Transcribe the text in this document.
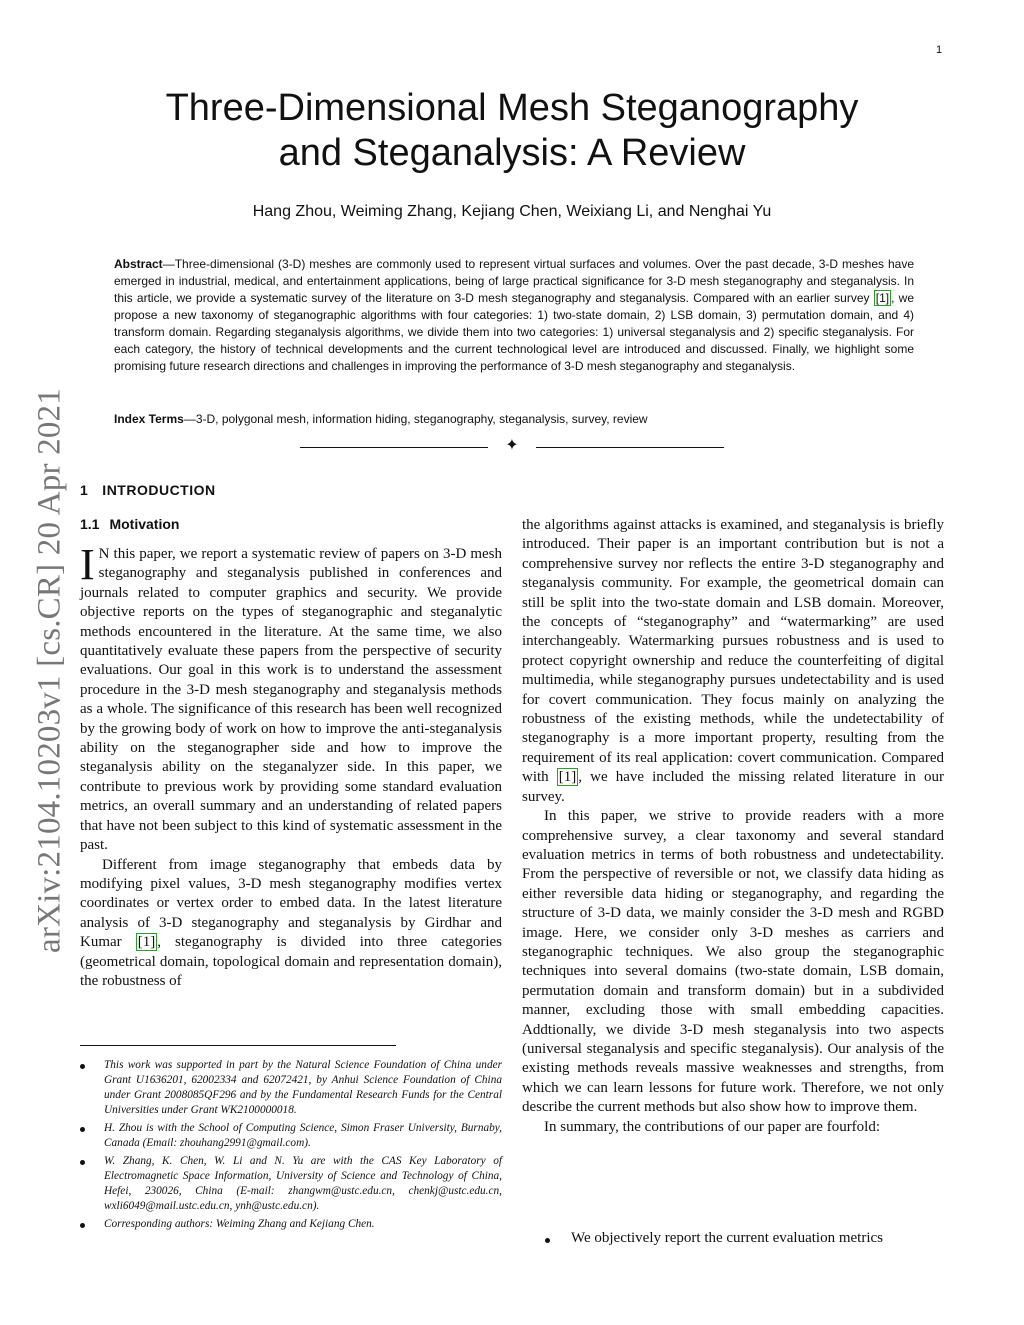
1
arXiv:2104.10203v1 [cs.CR] 20 Apr 2021
Three-Dimensional Mesh Steganography
and Steganalysis: A Review
Hang Zhou, Weiming Zhang, Kejiang Chen, Weixiang Li, and Nenghai Yu
Abstract—Three-dimensional (3-D) meshes are commonly used to represent virtual surfaces and volumes. Over the past decade, 3-D meshes have emerged in industrial, medical, and entertainment applications, being of large practical significance for 3-D mesh steganography and steganalysis. In this article, we provide a systematic survey of the literature on 3-D mesh steganography and steganalysis. Compared with an earlier survey [1] , we propose a new taxonomy of steganographic algorithms with four categories: 1) two-state domain, 2) LSB domain, 3) permutation domain, and 4) transform domain. Regarding steganalysis algorithms, we divide them into two categories: 1) universal steganalysis and 2) specific steganalysis. For each category, the history of technical developments and the current technological level are introduced and discussed. Finally, we highlight some promising future research directions and challenges in improving the performance of 3-D mesh steganography and steganalysis.
Index Terms—3-D, polygonal mesh, information hiding, steganography, steganalysis, survey, review
✦
1 INTRODUCTION
1.1 Motivation

I N this paper, we report a systematic review of papers on 3-D mesh steganography and steganalysis published in conferences and journals related to computer graphics and security. We provide objective reports on the types of steganographic and steganalytic methods encountered in the literature. At the same time, we also quantitatively evaluate these papers from the perspective of security evaluations. Our goal in this work is to understand the assessment procedure in the 3-D mesh steganography and steganalysis methods as a whole. The significance of this research has been well recognized by the growing body of work on how to improve the anti-steganalysis ability on the steganographer side and how to improve the steganalysis ability on the steganalyzer side. In this paper, we contribute to previous work by providing some standard evaluation metrics, an overall summary and an understanding of related papers that have not been subject to this kind of systematic assessment in the past.

Different from image steganography that embeds data by modifying pixel values, 3-D mesh steganography modifies vertex coordinates or vertex order to embed data. In the latest literature analysis of 3-D steganography and steganalysis by Girdhar and Kumar [1] , steganography is divided into three categories (geometrical domain, topological domain and representation domain), the robustness of

This work was supported in part by the Natural Science Foundation of China under Grant U1636201, 62002334 and 62072421, by Anhui Science Foundation of China under Grant 2008085QF296 and by the Fundamental Research Funds for the Central Universities under Grant WK2100000018.
H. Zhou is with the School of Computing Science, Simon Fraser University, Burnaby, Canada (Email: zhouhang2991@gmail.com).
W. Zhang, K. Chen, W. Li and N. Yu are with the CAS Key Laboratory of Electromagnetic Space Information, University of Science and Technology of China, Hefei, 230026, China (E-mail: zhangwm@ustc.edu.cn, chenkj@ustc.edu.cn, wxli6049@mail.ustc.edu.cn, ynh@ustc.edu.cn).
Corresponding authors: Weiming Zhang and Kejiang Chen.

the algorithms against attacks is examined, and steganalysis is briefly introduced. Their paper is an important contribution but is not a comprehensive survey nor reflects the entire 3-D steganography and steganalysis community. For example, the geometrical domain can still be split into the two-state domain and LSB domain. Moreover, the concepts of “steganography” and “watermarking” are used interchangeably. Watermarking pursues robustness and is used to protect copyright ownership and reduce the counterfeiting of digital multimedia, while steganography pursues undetectability and is used for covert communication. They focus mainly on analyzing the robustness of the existing methods, while the undetectability of steganography is a more important property, resulting from the requirement of its real application: covert communication. Compared with [1] , we have included the missing related literature in our survey.

In this paper, we strive to provide readers with a more comprehensive survey, a clear taxonomy and several standard evaluation metrics in terms of both robustness and undetectability. From the perspective of reversible or not, we classify data hiding as either reversible data hiding or steganography, and regarding the structure of 3-D data, we mainly consider the 3-D mesh and RGBD image. Here, we consider only 3-D meshes as carriers and steganographic techniques. We also group the steganographic techniques into several domains (two-state domain, LSB domain, permutation domain and transform domain) but in a subdivided manner, excluding those with small embedding capacities. Addtionally, we divide 3-D mesh steganalysis into two aspects (universal steganalysis and specific steganalysis). Our analysis of the existing methods reveals massive weaknesses and strengths, from which we can learn lessons for future work. Therefore, we not only describe the current methods but also show how to improve them.

In summary, the contributions of our paper are fourfold:

We objectively report the current evaluation metrics
